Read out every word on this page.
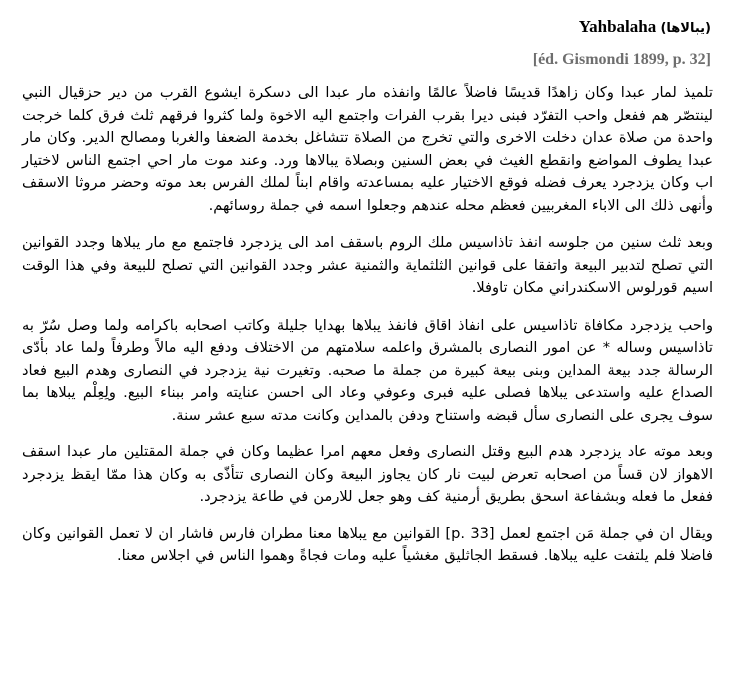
Yahbalaha (يبالاها)
[éd. Gismondi 1899, p. 32]

تلميذ لمار عبدا وكان زاهدًا قديسًا فاضلاً عالمًا وانفذه مار عبدا الى دسكرة ايشوع القرب من دير حزقيال النبي لينتصّر هم ففعل واحب التفرّد فبنى ديرا بقرب الفرات واجتمع اليه الاخوة ولما كثروا فرقهم ثلث فرق كلما خرجت واحدة من صلاة عدان دخلت الاخرى والتي تخرج من الصلاة تتشاغل بخدمة الضعفا والغربا ومصالح الدير. وكان مار عبدا يطوف المواضع وانقطع الغيث في بعض السنين وبصلاة يبالاها ورد. وعند موت مار احي اجتمع الناس لاختيار اب وكان يزدجرد يعرف فضله فوقع الاختيار عليه بمساعدته واقام ابناً لملك الفرس بعد موته وحضر مروثا الاسقف وأنهى ذلك الى الاباء المغربيين فعظم محله عندهم وجعلوا اسمه في جملة روسائهم.

وبعد ثلث سنين من جلوسه انفذ تاذاسيس ملك الروم باسقف امد الى يزدجرد فاجتمع مع مار يبلاها وجدد القوانين التي تصلح لتدبير البيعة واتفقا على قوانين الثلثماية والثمنية عشر وجدد القوانين التي تصلح للبيعة وفي هذا الوقت اسيم قورلوس الاسكندراني مكان تاوفلا.

واحب يزدجرد مكافاة تاذاسيس على انفاذ اقاق فانفذ يبلاها بهدايا جليلة وكاتب اصحابه باكرامه ولما وصل سُرّ به تاذاسيس وساله * عن امور النصارى بالمشرق واعلمه سلامتهم من الاختلاف ودفع اليه مالاً وطرفاً ولما عاد بأدّى الرسالة جدد بيعة المداين وبنى بيعة كبيرة من جملة ما صحبه. وتغيرت نية يزدجرد في النصارى وهدم البيع فعاد الصداع عليه واستدعى يبلاها فصلى عليه فبرى وعوفي وعاد الى احسن عنايته وامر ببناء البيع. ولِعِلْم يبلاها بما سوف يجرى على النصارى سأل قبضه واستناح ودفن بالمداين وكانت مدته سبع عشر سنة.

وبعد موته عاد يزدجرد هدم البيع وقتل النصارى وفعل معهم امرا عظيما وكان في جملة المقتلين مار عبدا اسقف الاهواز لان قساً من اصحابه تعرض لبيت نار كان يجاوز البيعة وكان النصارى تتأذّى به وكان هذا ممّا ايقظ يزدجرد ففعل ما فعله وبشفاعة اسحق بطريق أرمنية كف وهو جعل للارمن في طاعة يزدجرد.

ويقال ان في جملة مَن اجتمع لعمل [p. 33] القوانين مع يبلاها معنا مطران فارس فاشار ان لا تعمل القوانين وكان فاضلا فلم يلتفت عليه يبلاها. فسقط الجاثليق مغشياً عليه ومات فجاةً وهموا الناس في اجلاس معنا.
